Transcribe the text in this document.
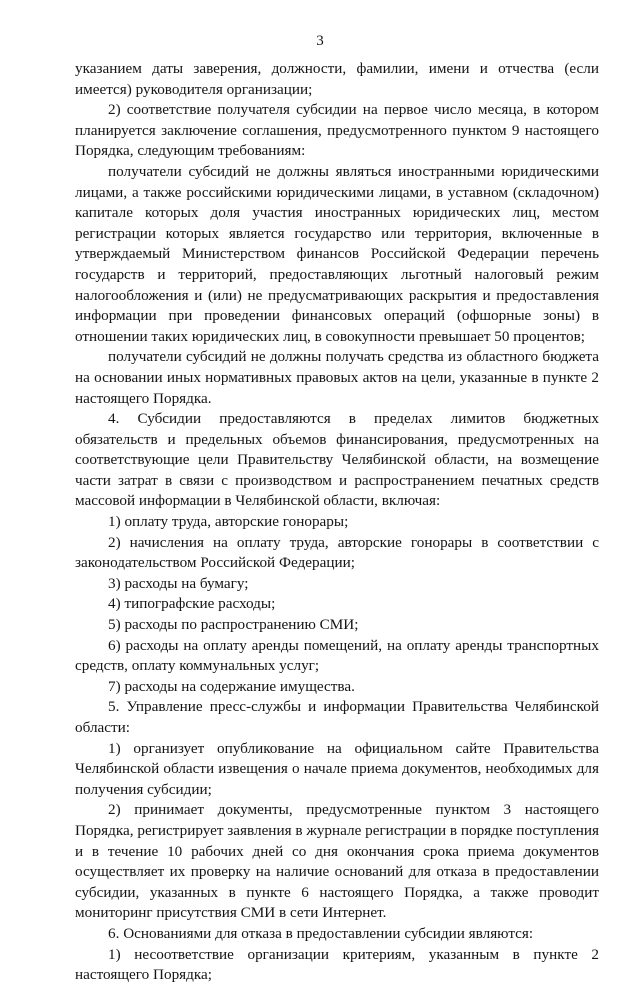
3

указанием даты заверения, должности, фамилии, имени и отчества (если имеется) руководителя организации;

2) соответствие получателя субсидии на первое число месяца, в котором планируется заключение соглашения, предусмотренного пунктом 9 настоящего Порядка, следующим требованиям:

получатели субсидий не должны являться иностранными юридическими лицами, а также российскими юридическими лицами, в уставном (складочном) капитале которых доля участия иностранных юридических лиц, местом регистрации которых является государство или территория, включенные в утверждаемый Министерством финансов Российской Федерации перечень государств и территорий, предоставляющих льготный налоговый режим налогообложения и (или) не предусматривающих раскрытия и предоставления информации при проведении финансовых операций (офшорные зоны) в отношении таких юридических лиц, в совокупности превышает 50 процентов;

получатели субсидий не должны получать средства из областного бюджета на основании иных нормативных правовых актов на цели, указанные в пункте 2 настоящего Порядка.

4. Субсидии предоставляются в пределах лимитов бюджетных обязательств и предельных объемов финансирования, предусмотренных на соответствующие цели Правительству Челябинской области, на возмещение части затрат в связи с производством и распространением печатных средств массовой информации в Челябинской области, включая:

1) оплату труда, авторские гонорары;

2) начисления на оплату труда, авторские гонорары в соответствии с законодательством Российской Федерации;

3) расходы на бумагу;

4) типографские расходы;

5) расходы по распространению СМИ;

6) расходы на оплату аренды помещений, на оплату аренды транспортных средств, оплату коммунальных услуг;

7) расходы на содержание имущества.

5. Управление пресс-службы и информации Правительства Челябинской области:

1) организует опубликование на официальном сайте Правительства Челябинской области извещения о начале приема документов, необходимых для получения субсидии;

2) принимает документы, предусмотренные пунктом 3 настоящего Порядка, регистрирует заявления в журнале регистрации в порядке поступления и в течение 10 рабочих дней со дня окончания срока приема документов осуществляет их проверку на наличие оснований для отказа в предоставлении субсидии, указанных в пункте 6 настоящего Порядка, а также проводит мониторинг присутствия СМИ в сети Интернет.

6. Основаниями для отказа в предоставлении субсидии являются:

1) несоответствие организации критериям, указанным в пункте 2 настоящего Порядка;
